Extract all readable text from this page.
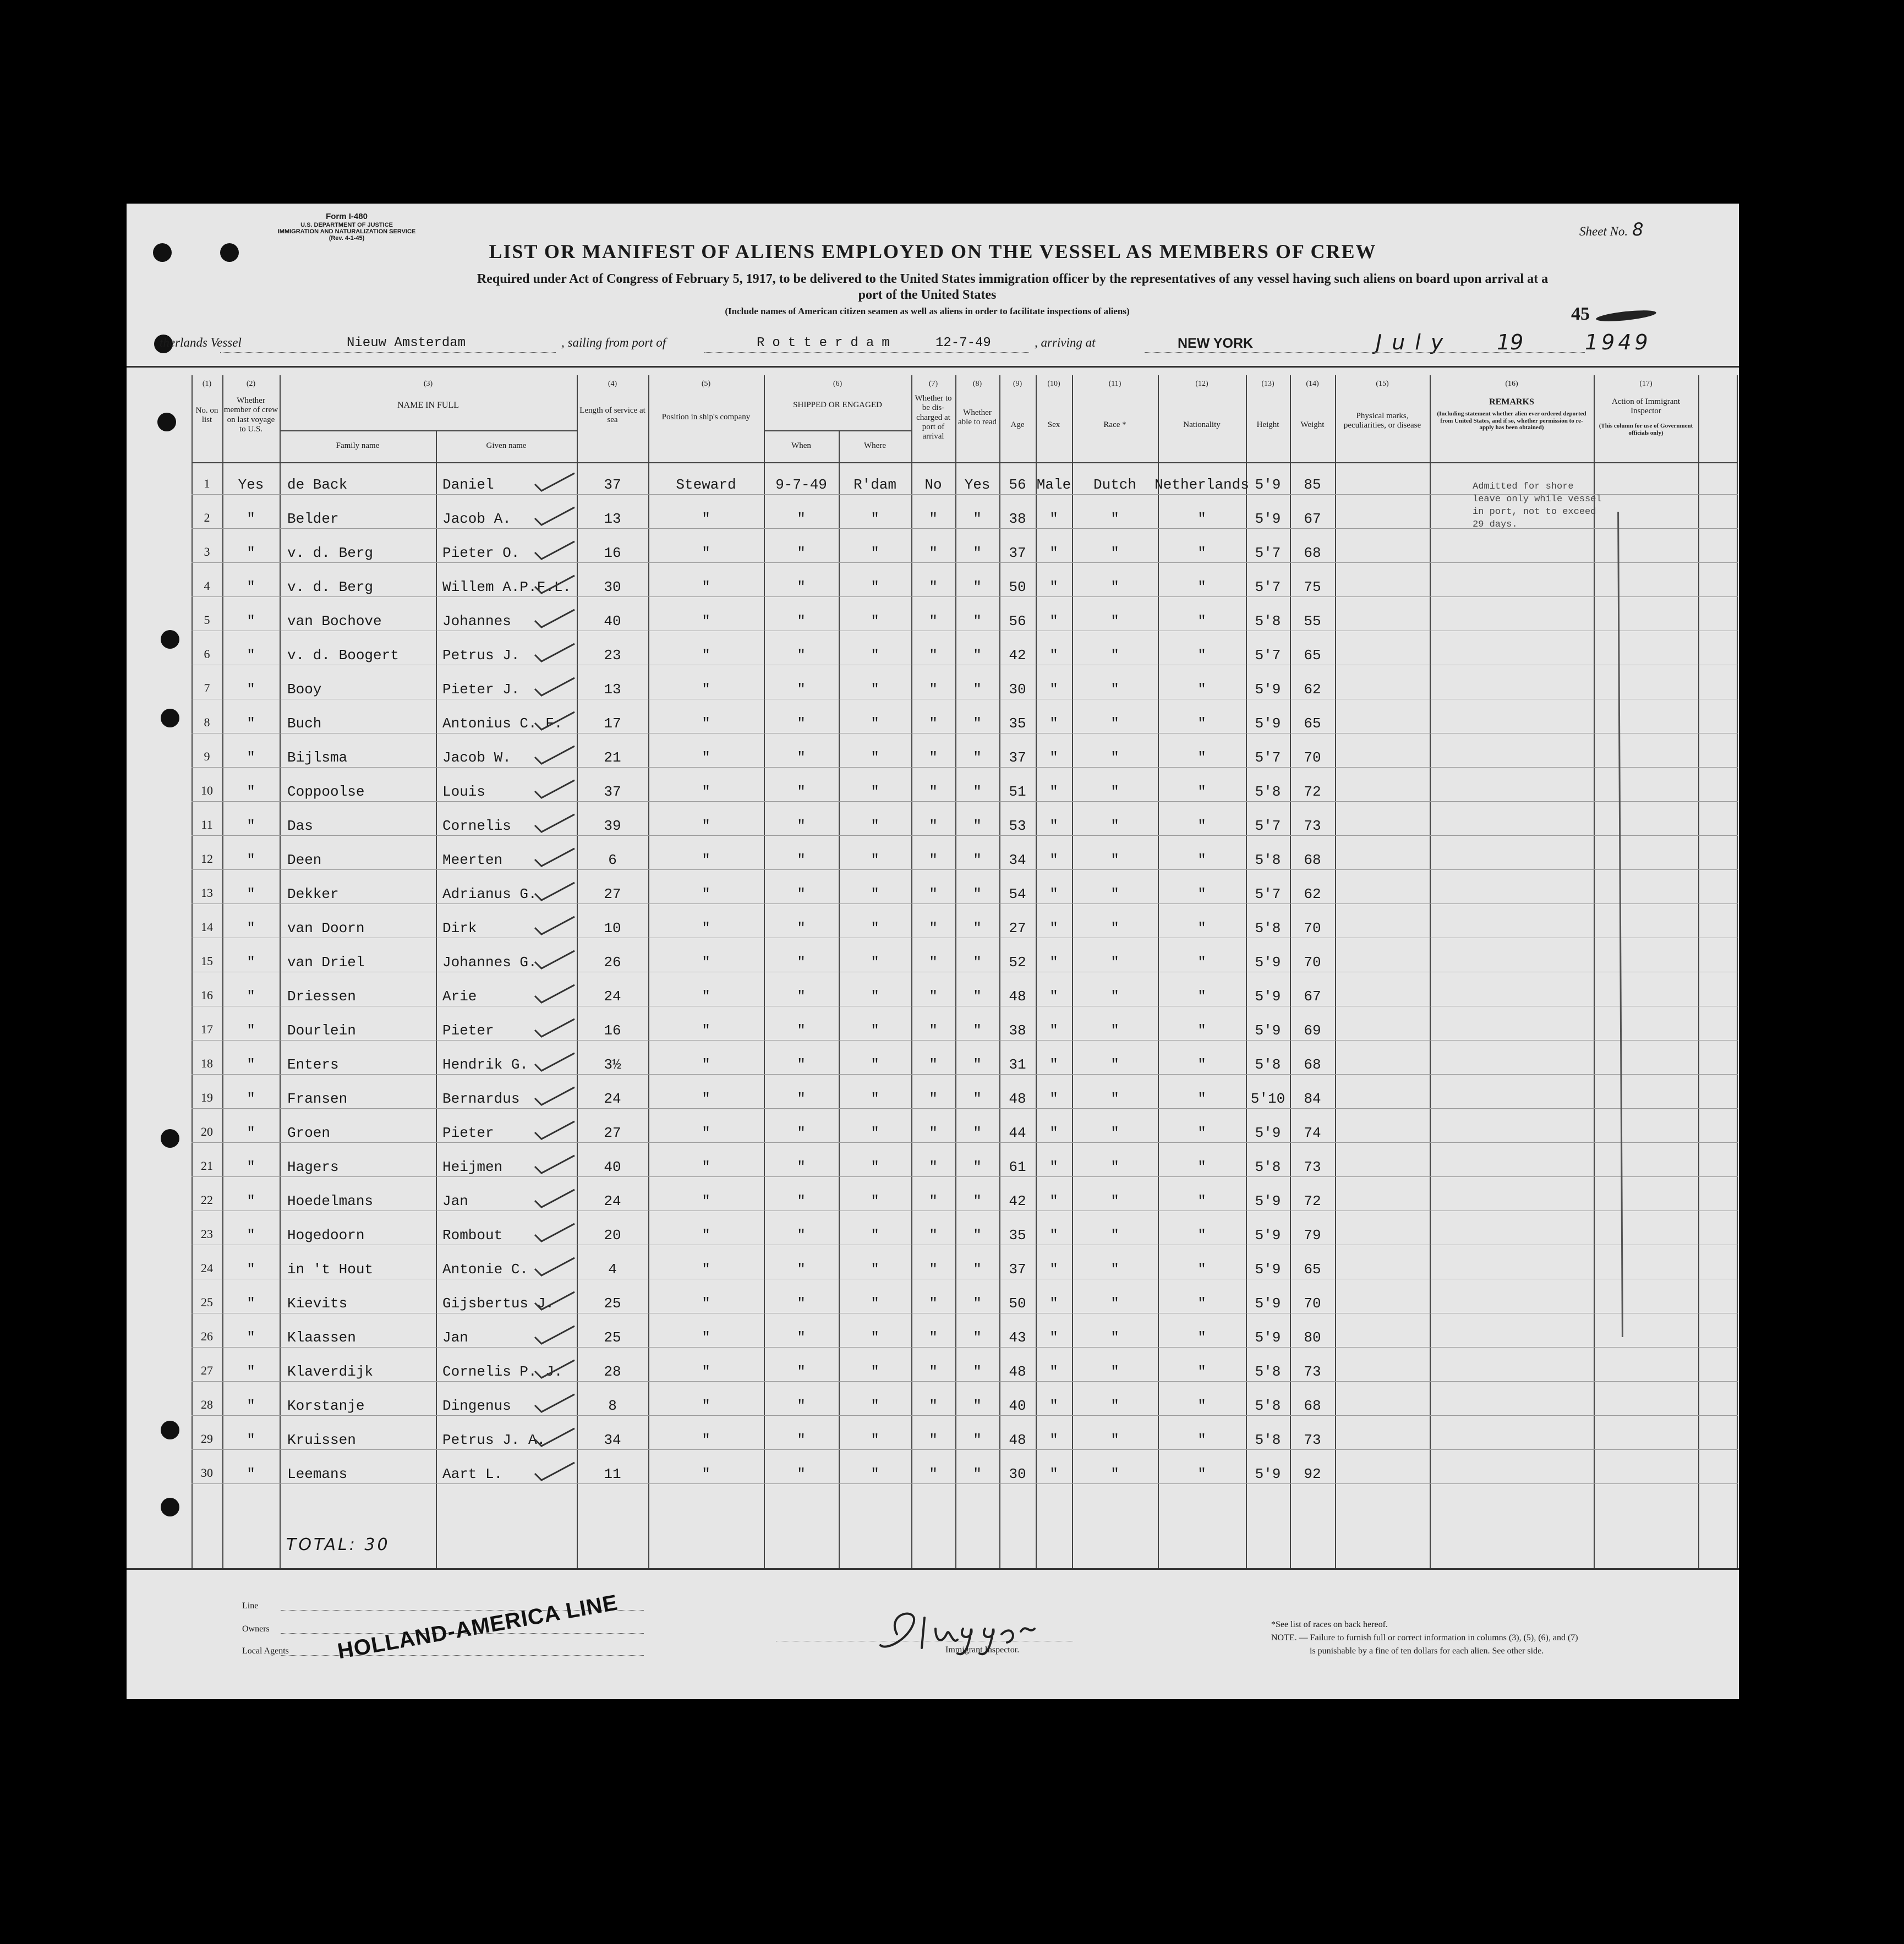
Form I-480
U.S. DEPARTMENT OF JUSTICE
IMMIGRATION AND NATURALIZATION SERVICE
(Rev. 4-1-45)	Sheet No. 8
LIST OR MANIFEST OF ALIENS EMPLOYED ON THE VESSEL AS MEMBERS OF CREW
Required under Act of Congress of February 5, 1917, to be delivered to the United States immigration officer by the representatives of any vessel having such aliens on board upon arrival at a
port of the United States
(Include names of American citizen seamen as well as aliens in order to facilitate inspections of aliens)	45
therlands Vessel	Nieuw Amsterdam	, sailing from port of	Rotterdam	12-7-49	, arriving at	NEW YORK	July 19	1949
(1)
No. on list
(2)
Whether member of crew on last voyage to U.S.
(3)
NAME IN FULL
Family name	Given name
(4)
Length of service at sea
(5)
Position in ship's company
(6)
SHIPPED OR ENGAGED
When	Where
(7)
Whether to be dis-charged at port of arrival
(8)
Whether able to read
(9)
Age
(10)
Sex
(11)
Race *
(12)
Nationality
(13)
Height
(14)
Weight
(15)
Physical marks, peculiarities, or disease
(16)
REMARKS
(Including statement whether alien ever ordered deported from United States, and if so, whether permission to re-apply has been obtained)
(17)
Action of Immigrant Inspector
(This column for use of Government officials only)
1	Yes	de Back	Daniel	37	Steward	9-7-49	R'dam	No	Yes	56 Male	Dutch	Netherlands 5'9	85
2	"	Belder	Jacob A.	13	"	"	"	"	"	38	"	"	"	5'9	67
3	"	v. d. Berg	Pieter O.	16	"	"	"	"	"	37	"	"	"	5'7	68
4	"	v. d. Berg	Willem A.P.F.L.	30	"	"	"	"	"	50	"	"	"	5'7	75
5	"	van Bochove	Johannes	40	"	"	"	"	"	56	"	"	"	5'8	55
6	"	v. d. Boogert	Petrus J.	23	"	"	"	"	"	42	"	"	"	5'7	65
7	"	Booy	Pieter J.	13	"	"	"	"	"	30	"	"	"	5'9	62
8	"	Buch	Antonius C. F.	17	"	"	"	"	"	35	"	"	"	5'9	65
9	"	Bijlsma	Jacob W.	21	"	"	"	"	"	37	"	"	"	5'7	70
10	"	Coppoolse	Louis	37	"	"	"	"	"	51	"	"	"	5'8	72
11	"	Das	Cornelis	39	"	"	"	"	"	53	"	"	"	5'7	73
12	"	Deen	Meerten	6	"	"	"	"	"	34	"	"	"	5'8	68
13	"	Dekker	Adrianus G.	27	"	"	"	"	"	54	"	"	"	5'7	62
14	"	van Doorn	Dirk	10	"	"	"	"	"	27	"	"	"	5'8	70
15	"	van Driel	Johannes G.	26	"	"	"	"	"	52	"	"	"	5'9	70
16	"	Driessen	Arie	24	"	"	"	"	"	48	"	"	"	5'9	67
17	"	Dourlein	Pieter	16	"	"	"	"	"	38	"	"	"	5'9	69
18	"	Enters	Hendrik G.	3½	"	"	"	"	"	31	"	"	"	5'8	68
19	"	Fransen	Bernardus	24	"	"	"	"	"	48	"	"	"	5'10	84
20	"	Groen	Pieter	27	"	"	"	"	"	44	"	"	"	5'9	74
21	"	Hagers	Heijmen	40	"	"	"	"	"	61	"	"	"	5'8	73
22	"	Hoedelmans	Jan	24	"	"	"	"	"	42	"	"	"	5'9	72
23	"	Hogedoorn	Rombout	20	"	"	"	"	"	35	"	"	"	5'9	79
24	"	in 't Hout	Antonie C.	4	"	"	"	"	"	37	"	"	"	5'9	65
25	"	Kievits	Gijsbertus J.	25	"	"	"	"	"	50	"	"	"	5'9	70
26	"	Klaassen	Jan	25	"	"	"	"	"	43	"	"	"	5'9	80
27	"	Klaverdijk	Cornelis P. J.	28	"	"	"	"	"	48	"	"	"	5'8	73
28	"	Korstanje	Dingenus	8	"	"	"	"	"	40	"	"	"	5'8	68
29	"	Kruissen	Petrus J. A.	34	"	"	"	"	"	48	"	"	"	5'8	73
30	"	Leemans	Aart L.	11	"	"	"	"	"	30	"	"	"	5'9	92
Admitted for shore leave only while vessel in port, not to exceed 29 days.
TOTAL: 30
Line
Owners
Local Agents HOLLAND-AMERICA LINE	Immigrant Inspector.
*See list of races on back hereof.
NOTE. — Failure to furnish full or correct information in columns (3), (5), (6), and (7)
is punishable by a fine of ten dollars for each alien. See other side.
